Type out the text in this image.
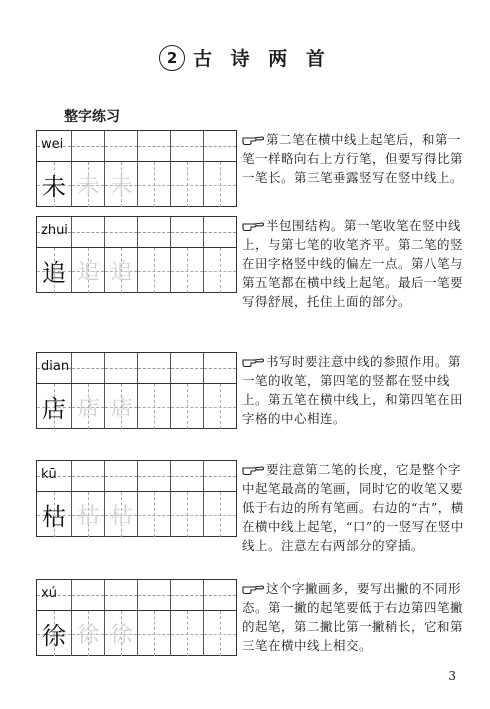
2 古 诗 两 首
整字练习
wei
未 未 未
第二笔在横中线上起笔后，和第一笔一样略向右上方行笔，但要写得比第一笔长。第三笔垂露竖写在竖中线上。
zhui
追 追 追
半包围结构。第一笔收笔在竖中线上，与第七笔的收笔齐平。第二笔的竖在田字格竖中线的偏左一点。第八笔与第五笔都在横中线上起笔。最后一笔要写得舒展，托住上面的部分。
dian
店 店 店
书写时要注意中线的参照作用。第一笔的收笔，第四笔的竖都在竖中线上。第五笔在横中线上，和第四笔在田字格的中心相连。
kū
枯 枯 枯
要注意第二笔的长度，它是整个字中起笔最高的笔画，同时它的收笔又要低于右边的所有笔画。右边的“古”，横在横中线上起笔，“口”的一竖写在竖中线上。注意左右两部分的穿插。
xú
徐 徐 徐
这个字撇画多，要写出撇的不同形态。第一撇的起笔要低于右边第四笔撇的起笔，第二撇比第一撇稍长，它和第三笔在横中线上相交。
3
